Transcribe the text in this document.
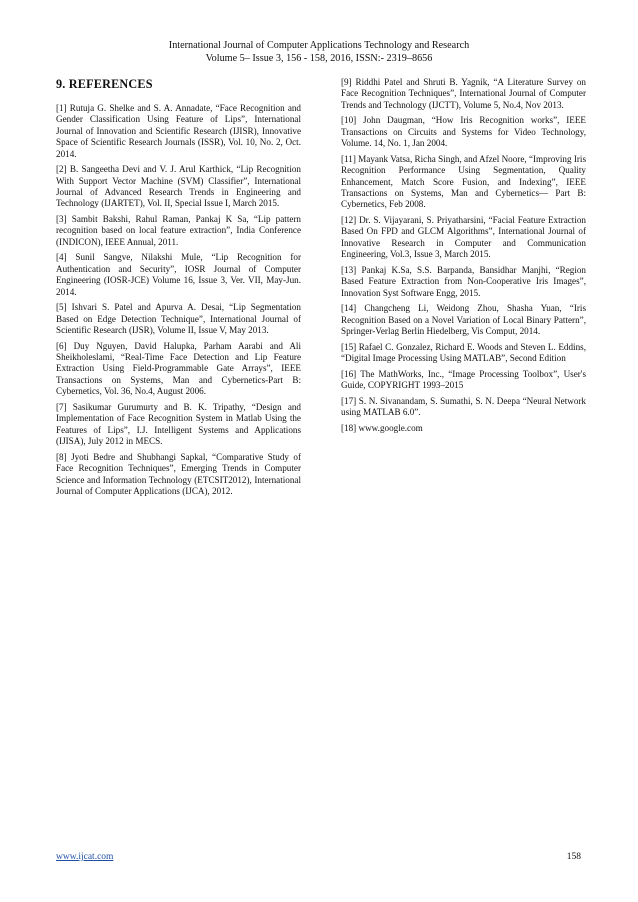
International Journal of Computer Applications Technology and Research
Volume 5– Issue 3, 156 - 158, 2016, ISSN:- 2319–8656
9. REFERENCES

[1] Rutuja G. Shelke and S. A. Annadate, “Face Recognition and Gender Classification Using Feature of Lips”, International Journal of Innovation and Scientific Research (IJISR), Innovative Space of Scientific Research Journals (ISSR), Vol. 10, No. 2, Oct. 2014.

[2] B. Sangeetha Devi and V. J. Arul Karthick, “Lip Recognition With Support Vector Machine (SVM) Classifier”, International Journal of Advanced Research Trends in Engineering and Technology (IJARTET), Vol. II, Special Issue I, March 2015.

[3] Sambit Bakshi, Rahul Raman, Pankaj K Sa, “Lip pattern recognition based on local feature extraction”, India Conference (INDICON), IEEE Annual, 2011.

[4] Sunil Sangve, Nilakshi Mule, “Lip Recognition for Authentication and Security”, IOSR Journal of Computer Engineering (IOSR-JCE) Volume 16, Issue 3, Ver. VII, May-Jun. 2014.

[5] Ishvari S. Patel and Apurva A. Desai, “Lip Segmentation Based on Edge Detection Technique”, International Journal of Scientific Research (IJSR), Volume II, Issue V, May 2013.

[6] Duy Nguyen, David Halupka, Parham Aarabi and Ali Sheikholeslami, “Real-Time Face Detection and Lip Feature Extraction Using Field-Programmable Gate Arrays”, IEEE Transactions on Systems, Man and Cybernetics-Part B: Cybernetics, Vol. 36, No.4, August 2006.

[7] Sasikumar Gurumurty and B. K. Tripathy, “Design and Implementation of Face Recognition System in Matlab Using the Features of Lips”, I.J. Intelligent Systems and Applications (IJISA), July 2012 in MECS.

[8] Jyoti Bedre and Shubhangi Sapkal, “Comparative Study of Face Recognition Techniques”, Emerging Trends in Computer Science and Information Technology (ETCSIT2012), International Journal of Computer Applications (IJCA), 2012.

[9] Riddhi Patel and Shruti B. Yagnik, “A Literature Survey on Face Recognition Techniques”, International Journal of Computer Trends and Technology (IJCTT), Volume 5, No.4, Nov 2013.

[10] John Daugman, “How Iris Recognition works”, IEEE Transactions on Circuits and Systems for Video Technology, Volume. 14, No. 1, Jan 2004.

[11] Mayank Vatsa, Richa Singh, and Afzel Noore, “Improving Iris Recognition Performance Using Segmentation, Quality Enhancement, Match Score Fusion, and Indexing”, IEEE Transactions on Systems, Man and Cybernetics— Part B: Cybernetics, Feb 2008.

[12] Dr. S. Vijayarani, S. Priyatharsini, “Facial Feature Extraction Based On FPD and GLCM Algorithms”, International Journal of Innovative Research in Computer and Communication Engineering, Vol.3, Issue 3, March 2015.

[13] Pankaj K.Sa, S.S. Barpanda, Bansidhar Manjhi, “Region Based Feature Extraction from Non-Cooperative Iris Images”, Innovation Syst Software Engg, 2015.

[14] Changcheng Li, Weidong Zhou, Shasha Yuan, “Iris Recognition Based on a Novel Variation of Local Binary Pattern”, Springer-Verlag Berlin Hiedelberg, Vis Comput, 2014.

[15] Rafael C. Gonzalez, Richard E. Woods and Steven L. Eddins, “Digital Image Processing Using MATLAB”, Second Edition

[16] The MathWorks, Inc., “Image Processing Toolbox”, User's Guide, COPYRIGHT 1993–2015

[17] S. N. Sivanandam, S. Sumathi, S. N. Deepa “Neural Network using MATLAB 6.0”.

[18] www.google.com

www.ijcat.com	158
